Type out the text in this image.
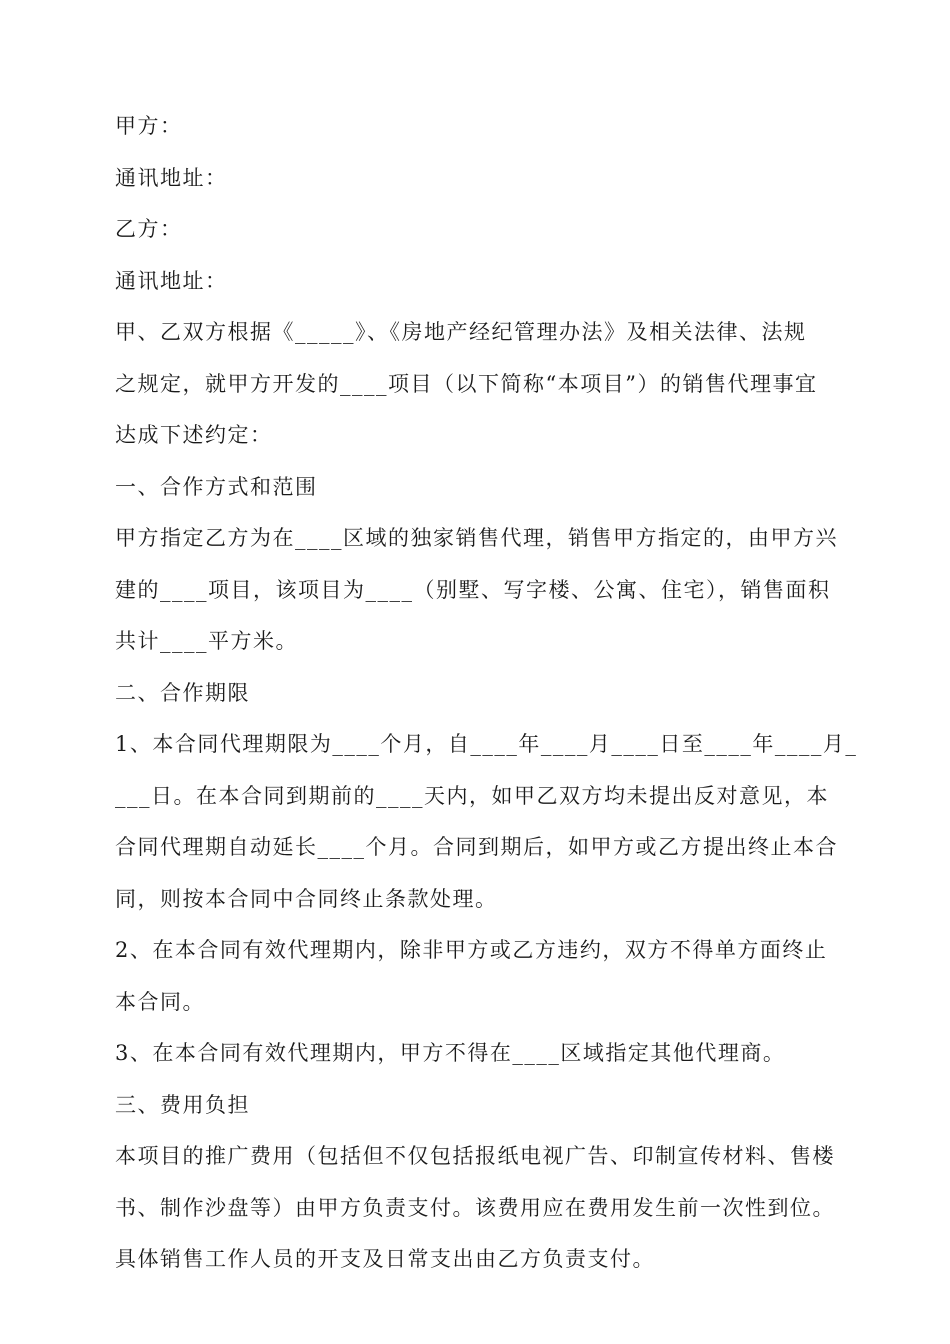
甲方：

通讯地址：

乙方：

通讯地址：

甲、乙双方根据《_____》、《房地产经纪管理办法》及相关法律、法规

之规定，就甲方开发的____项目（以下简称“本项目”）的销售代理事宜

达成下述约定：

一、合作方式和范围

甲方指定乙方为在____区域的独家销售代理，销售甲方指定的，由甲方兴

建的____项目，该项目为____（别墅、写字楼、公寓、住宅），销售面积

共计____平方米。

二、合作期限

1、本合同代理期限为____个月，自____年____月____日至____年____月_

___日。在本合同到期前的____天内，如甲乙双方均未提出反对意见，本

合同代理期自动延长____个月。合同到期后，如甲方或乙方提出终止本合

同，则按本合同中合同终止条款处理。

2、在本合同有效代理期内，除非甲方或乙方违约，双方不得单方面终止

本合同。

3、在本合同有效代理期内，甲方不得在____区域指定其他代理商。

三、费用负担

本项目的推广费用（包括但不仅包括报纸电视广告、印制宣传材料、售楼

书、制作沙盘等）由甲方负责支付。该费用应在费用发生前一次性到位。

具体销售工作人员的开支及日常支出由乙方负责支付。
